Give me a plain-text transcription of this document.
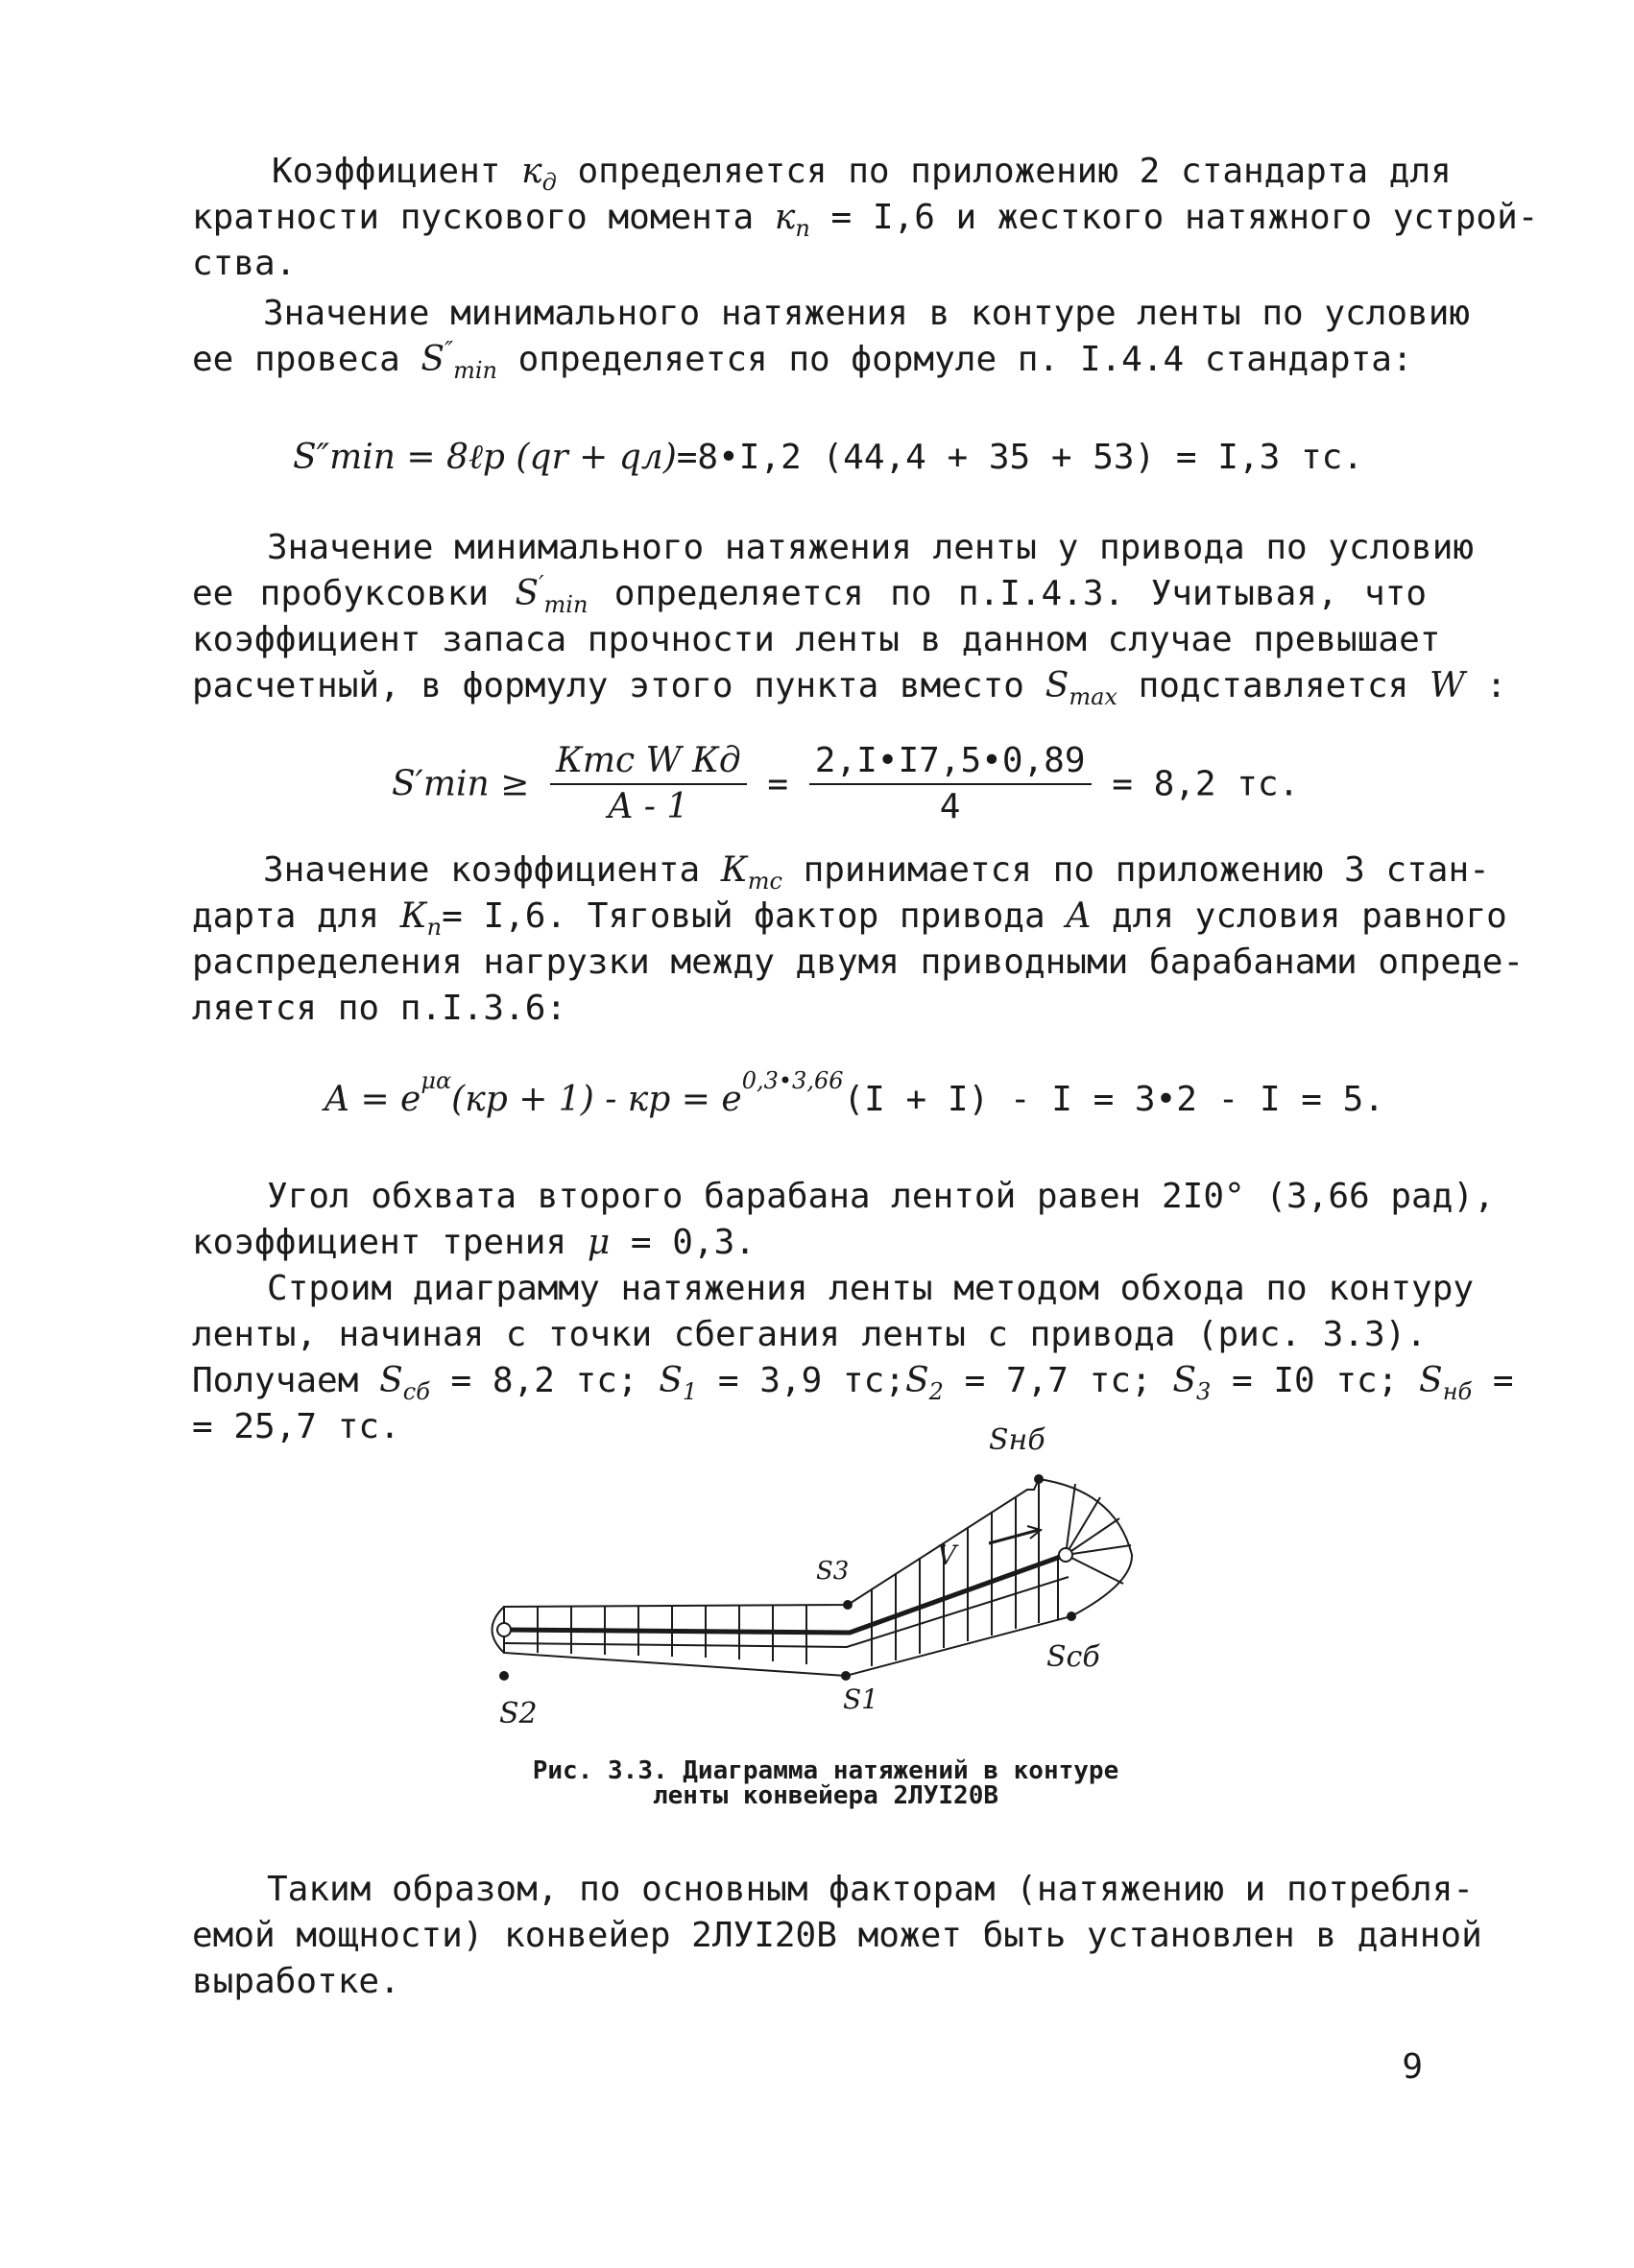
Коэффициент $к_д$ определяется по приложению 2 стандарта для
кратности пускового момента $к_п = I,6$ и жесткого натяжного устрой-
ства.
Значение минимального натяжения в контуре ленты по условию
ее провеса $S''_{min}$ определяется по формуле п. I.4.4 стандарта:
S″min = 8ℓp (qr + qл)=8•I,2 (44,4 + 35 + 53) = I,3 тс.
Значение минимального натяжения ленты у привода по условию
ее пробуксовки $S'_{min}$ определяется по п.I.4.3. Учитывая, что
коэффициент запаса прочности ленты в данном случае превышает
расчетный, в формулу этого пункта вместо $S_{max}$ подставляется W :
$S'\min \ge \frac{\text{Ктс W Кд}}{A - 1} = \frac{2,I•I7,5•0,89}{4} = 8,2$ тс.
Значение коэффициента $К_{тс}$ принимается по приложению 3 стан-
дарта для $К_п= I,6$. Тяговый фактор привода A для условия равного
распределения нагрузки между двумя приводными барабанами опреде-
ляется по п.I.3.6:
$A = e^{\mu\alpha}(кр + 1)$ - кр = $e^{0,3•3,66}(I + I) - I$ = 3•2 - I = 5.
Угол обхвата второго барабана лентой равен 2I0° (3,66 рад),
коэффициент трения μ = 0,3.
Строим диаграмму натяжения ленты методом обхода по контуру
ленты, начиная с точки сбегания ленты с привода (рис. 3.3).
Получаем $S_{сб} = 8,2$ тс; $S_1 = 3,9$ $тс;S_2 = 7,7$ тс; $S_3 = I0$ тс; $S_{нб}$ =
= 25,7 тс.	Sнб
S3	V
Sсб
S1
S2
Рис. 3.3. Диаграмма натяжений в контуре
ленты конвейера 2ЛУI20В
Таким образом, по основным факторам (натяжению и потребля-
емой мощности) конвейер 2ЛУI20В может быть установлен в данной
выработке.
9
